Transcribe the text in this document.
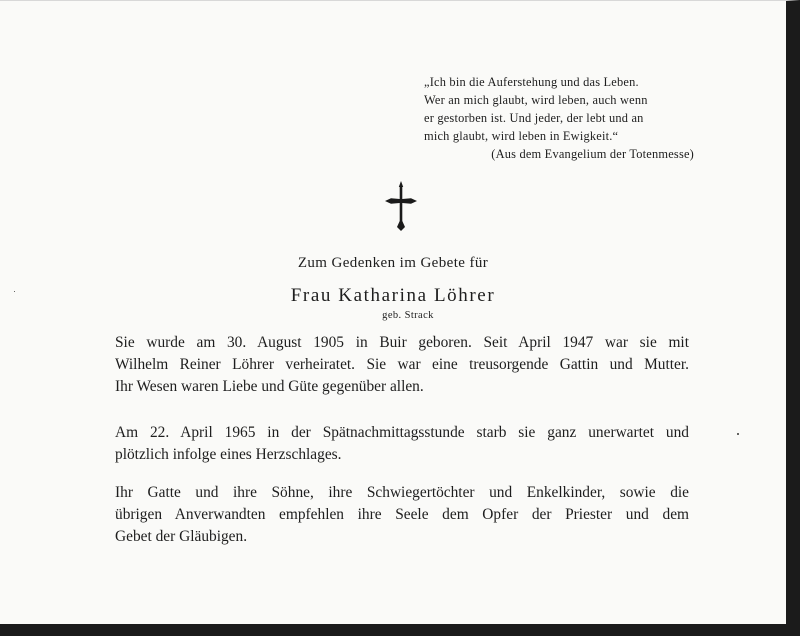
„Ich bin die Auferstehung und das Leben.
Wer an mich glaubt, wird leben, auch wenn
er gestorben ist. Und jeder, der lebt und an
mich glaubt, wird leben in Ewigkeit.“
(Aus dem Evangelium der Totenmesse)
Zum Gedenken im Gebete für
Frau Katharina Löhrer
geb. Strack
Sie wurde am 30. August 1905 in Buir geboren. Seit April 1947 war sie mit
Wilhelm Reiner Löhrer verheiratet. Sie war eine treusorgende Gattin und Mutter.
Ihr Wesen waren Liebe und Güte gegenüber allen.
Am 22. April 1965 in der Spätnachmittagsstunde starb sie ganz unerwartet und
plötzlich infolge eines Herzschlages.
Ihr Gatte und ihre Söhne, ihre Schwiegertöchter und Enkelkinder, sowie die
übrigen Anverwandten empfehlen ihre Seele dem Opfer der Priester und dem
Gebet der Gläubigen.
